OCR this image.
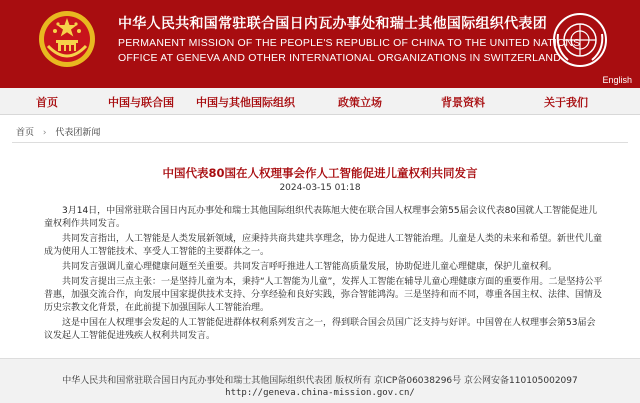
中华人民共和国常驻联合国日内瓦办事处和瑞士其他国际组织代表团
PERMANENT MISSION OF THE PEOPLE'S REPUBLIC OF CHINA TO THE UNITED NATIONS
OFFICE AT GENEVA AND OTHER INTERNATIONAL ORGANIZATIONS IN SWITZERLAND
English
首页	中国与联合国 中国与其他国际组织	政策立场	背景资料	关于我们
首页 › 代表团新闻
中国代表80国在人权理事会作人工智能促进儿童权利共同发言
2024-03-15 01:18

3月14日，中国常驻联合国日内瓦办事处和瑞士其他国际组织代表陈旭大使在联合国人权理事会第55届会议代表80国就人工智能促进儿童权利作共同发言。

共同发言指出，人工智能是人类发展新领域，应秉持共商共建共享理念，协力促进人工智能治理。儿童是人类的未来和希望。新世代儿童成为使用人工智能技术、享受人工智能的主要群体之一。

共同发言强调儿童心理健康问题至关重要。共同发言呼吁推进人工智能高质量发展，协助促进儿童心理健康，保护儿童权利。

共同发言提出三点主张：一是坚持儿童为本，秉持“人工智能为儿童”，发挥人工智能在辅导儿童心理健康方面的重要作用。二是坚持公平普惠，加强交流合作，向发展中国家提供技术支持、分享经验和良好实践，弥合智能鸿沟。三是坚持和而不同，尊重各国主权、法律、国情及历史宗教文化背景，在此前提下加强国际人工智能治理。

这是中国在人权理事会发起的人工智能促进群体权利系列发言之一，得到联合国会员国广泛支持与好评。中国曾在人权理事会第53届会议发起人工智能促进残疾人权利共同发言。

中华人民共和国常驻联合国日内瓦办事处和瑞士其他国际组织代表团 版权所有 京ICP备06038296号 京公网安备110105002097
http://geneva.china-mission.gov.cn/
